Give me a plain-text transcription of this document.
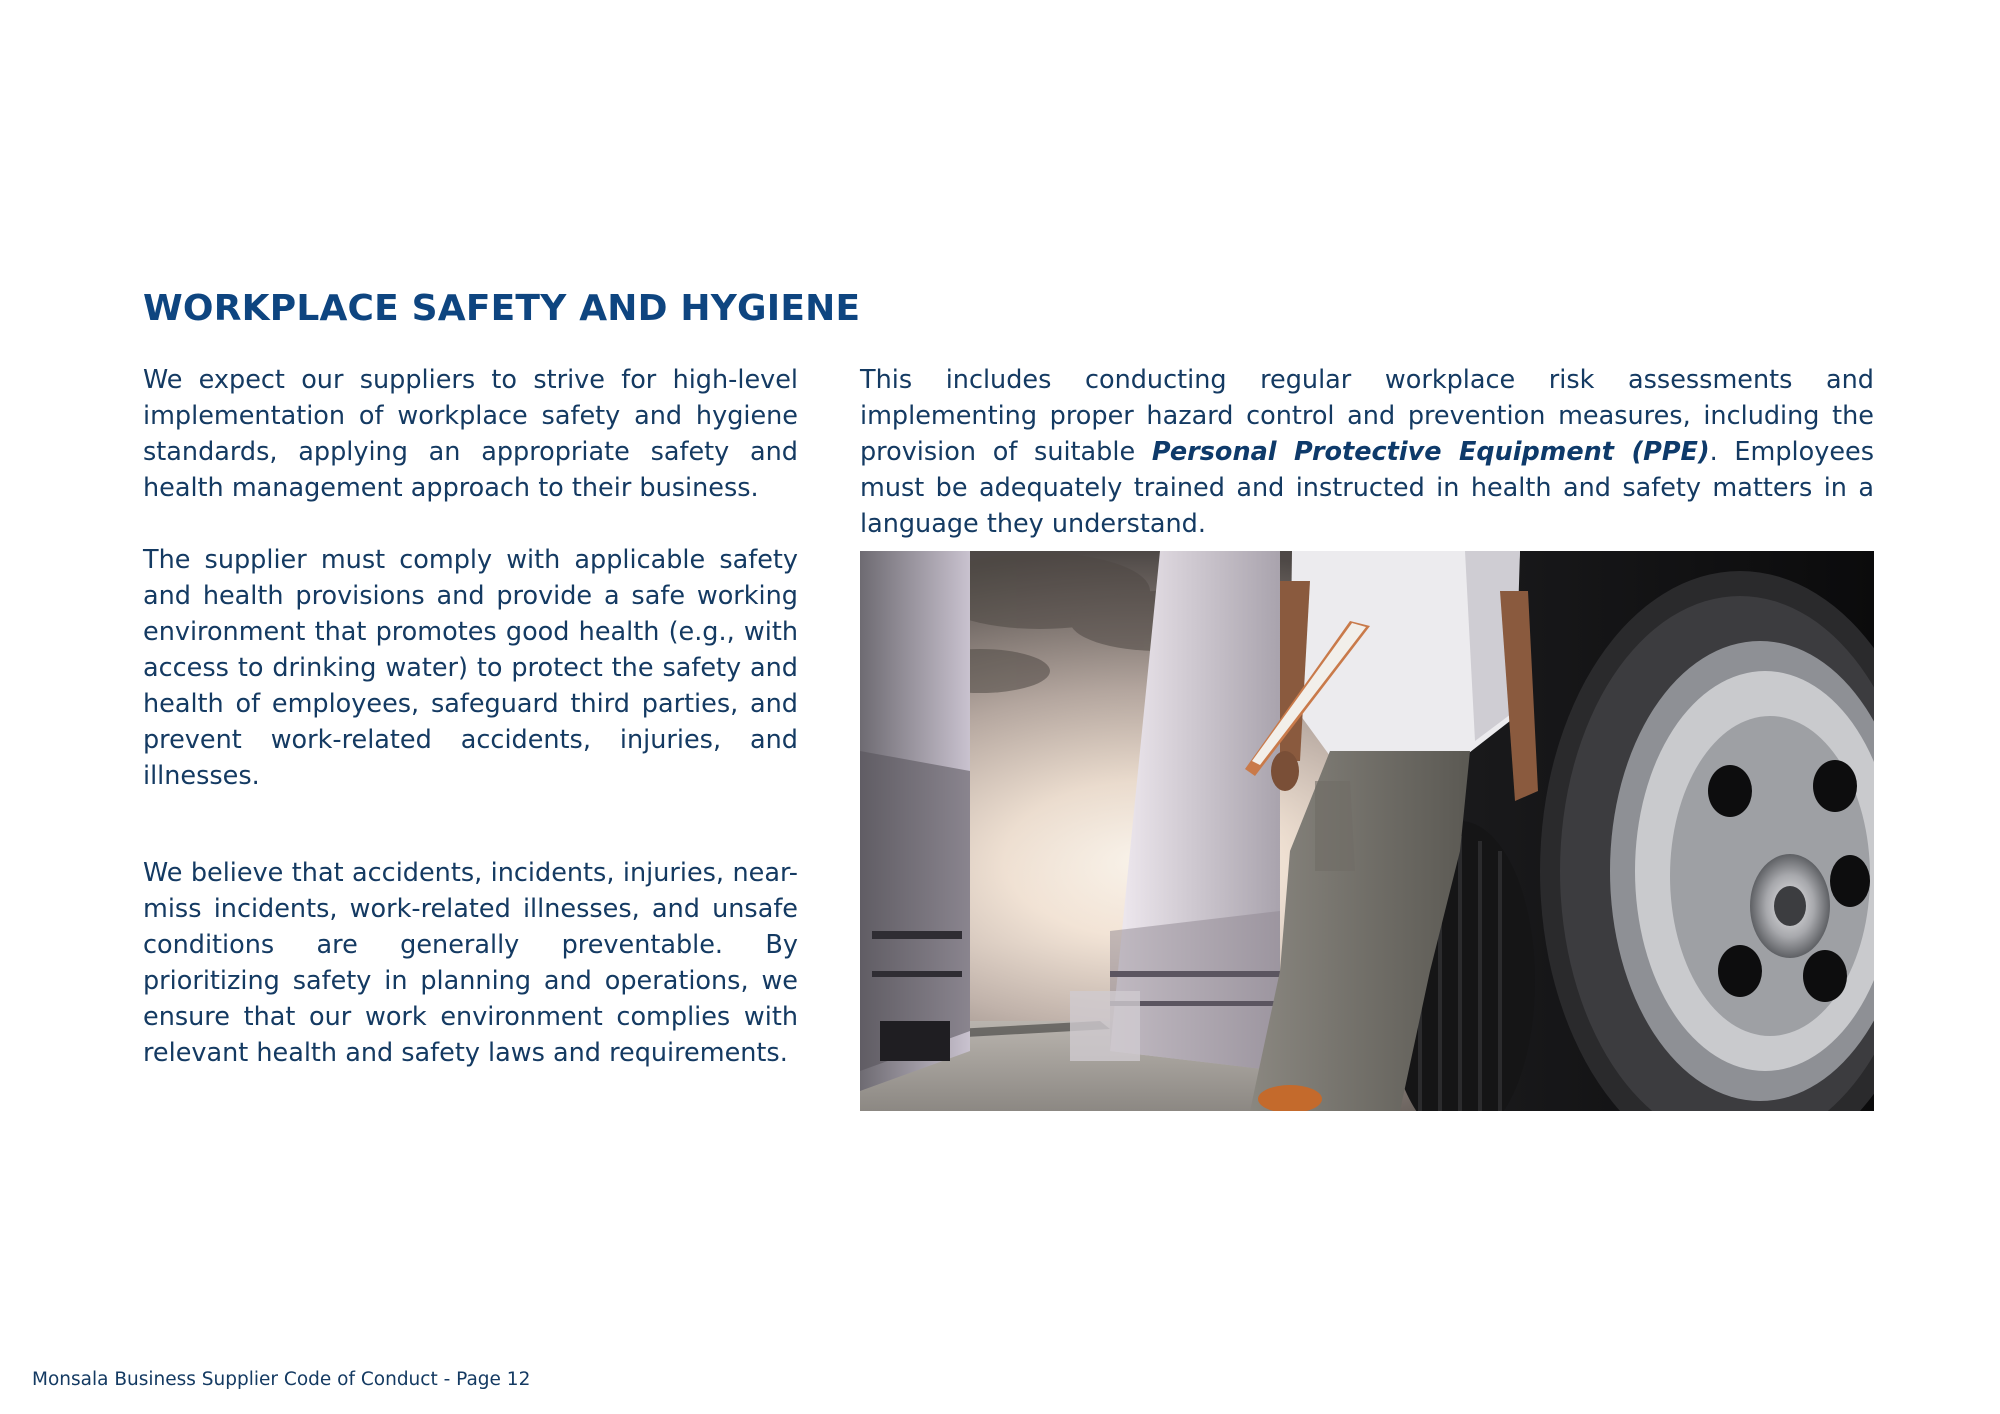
WORKPLACE SAFETY AND HYGIENE

We expect our suppliers to strive for high-level implementation of workplace safety and hygiene standards, applying an appropriate safety and health management approach to their business.

The supplier must comply with applicable safety and health provisions and provide a safe working environment that promotes good health (e.g., with access to drinking water) to protect the safety and health of employees, safeguard third parties, and prevent work-related accidents, injuries, and illnesses.

We believe that accidents, incidents, injuries, near-miss incidents, work-related illnesses, and unsafe conditions are generally preventable. By prioritizing safety in planning and operations, we ensure that our work environment complies with relevant health and safety laws and requirements.

This includes conducting regular workplace risk assessments and implementing proper hazard control and prevention measures, including the provision of suitable Personal Protective Equipment (PPE). Employees must be adequately trained and instructed in health and safety matters in a language they understand.

Monsala Business Supplier Code of Conduct - Page 12
